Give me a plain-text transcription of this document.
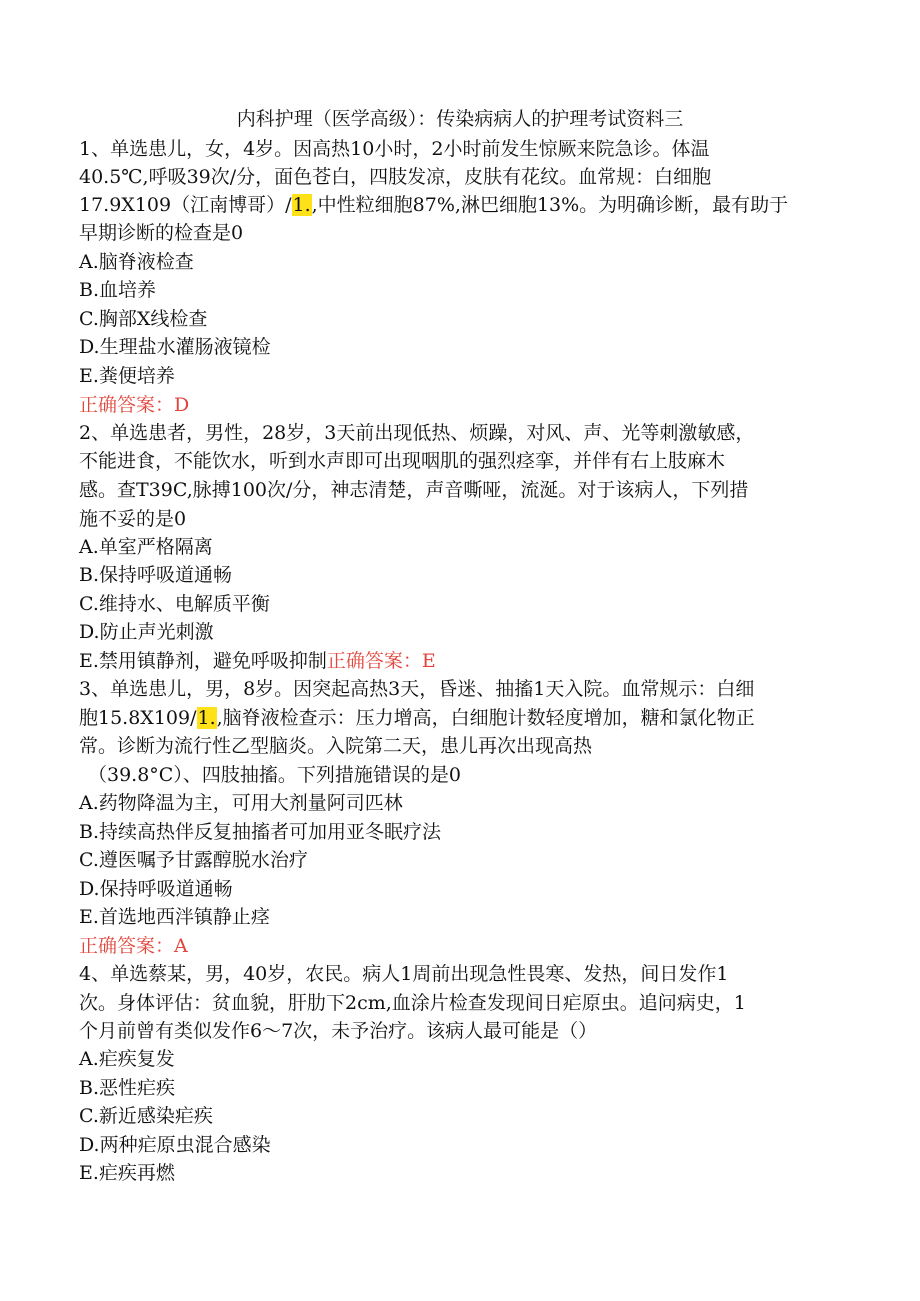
内科护理（医学高级）：传染病病人的护理考试资料三
1、单选患儿，女，4岁。因高热10小时，2小时前发生惊厥来院急诊。体温
40.5℃,呼吸39次/分，面色苍白，四肢发凉，皮肤有花纹。血常规：白细胞
17.9X109（江南博哥）/1.,中性粒细胞87%,淋巴细胞13%。为明确诊断，最有助于
早期诊断的检查是0
A.脑脊液检查
B.血培养
C.胸部X线检查
D.生理盐水灌肠液镜检
E.粪便培养
正确答案：D
2、单选患者，男性，28岁，3天前出现低热、烦躁，对风、声、光等刺激敏感，
不能进食，不能饮水，听到水声即可出现咽肌的强烈痉挛，并伴有右上肢麻木
感。查T39C,脉搏100次/分，神志清楚，声音嘶哑，流涎。对于该病人，下列措
施不妥的是0
A.单室严格隔离
B.保持呼吸道通畅
C.维持水、电解质平衡
D.防止声光刺激
E.禁用镇静剂，避免呼吸抑制正确答案：E
3、单选患儿，男，8岁。因突起高热3天，昏迷、抽搐1天入院。血常规示：白细
胞15.8X109/1.,脑脊液检查示：压力增高，白细胞计数轻度增加，糖和氯化物正
常。诊断为流行性乙型脑炎。入院第二天，患儿再次出现高热
（39.8°C）、四肢抽搐。下列措施错误的是0
A.药物降温为主，可用大剂量阿司匹林
B.持续高热伴反复抽搐者可加用亚冬眠疗法
C.遵医嘱予甘露醇脱水治疗
D.保持呼吸道通畅
E.首选地西泮镇静止痉
正确答案：A
4、单选蔡某，男，40岁，农民。病人1周前出现急性畏寒、发热，间日发作1
次。身体评估：贫血貌，肝肋下2cm,血涂片检查发现间日疟原虫。追问病史，1
个月前曾有类似发作6～7次，未予治疗。该病人最可能是（）
A.疟疾复发
B.恶性疟疾
C.新近感染疟疾
D.两种疟原虫混合感染
E.疟疾再燃
